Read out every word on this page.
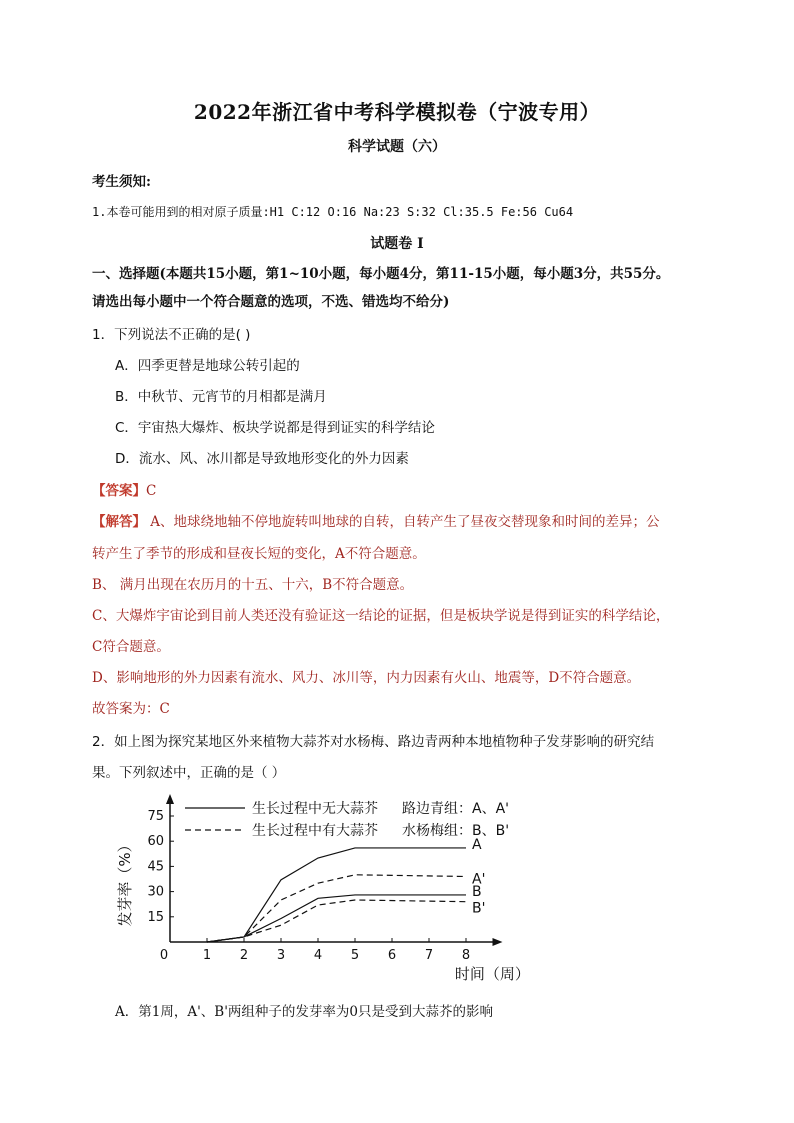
2022年浙江省中考科学模拟卷（宁波专用）
科学试题（六）
考生须知:
1.本卷可能用到的相对原子质量:H1 C:12 O:16 Na:23 S:32 Cl:35.5 Fe:56 Cu64
试题卷 I
一、选择题(本题共15小题，第1~10小题，每小题4分，第11-15小题，每小题3分，共55分。
请选出每小题中一个符合题意的选项，不选、错选均不给分)
1．下列说法不正确的是( )
A．四季更替是地球公转引起的
B．中秋节、元宵节的月相都是满月
C．宇宙热大爆炸、板块学说都是得到证实的科学结论
D．流水、风、冰川都是导致地形变化的外力因素
【答案】C
【解答】 A、地球绕地轴不停地旋转叫地球的自转，自转产生了昼夜交替现象和时间的差异；公
转产生了季节的形成和昼夜长短的变化，A不符合题意。
B、 满月出现在农历月的十五、十六，B不符合题意。
C、大爆炸宇宙论到目前人类还没有验证这一结论的证据，但是板块学说是得到证实的科学结论，
C符合题意。
D、影响地形的外力因素有流水、风力、冰川等，内力因素有火山、地震等，D不符合题意。
故答案为：C
2．如上图为探究某地区外来植物大蒜芥对水杨梅、路边青两种本地植物种子发芽影响的研究结
果。下列叙述中，正确的是（ ）
0	1 2 3 4 5 6 7 8
15
30
45
60
75
发芽率（%）
时间（周）
生长过程中无大蒜芥
生长过程中有大蒜芥
路边青组：A、A'
水杨梅组：B、B'
A
A'
B
B'
A．第1周，A'、B'两组种子的发芽率为0只是受到大蒜芥的影响
